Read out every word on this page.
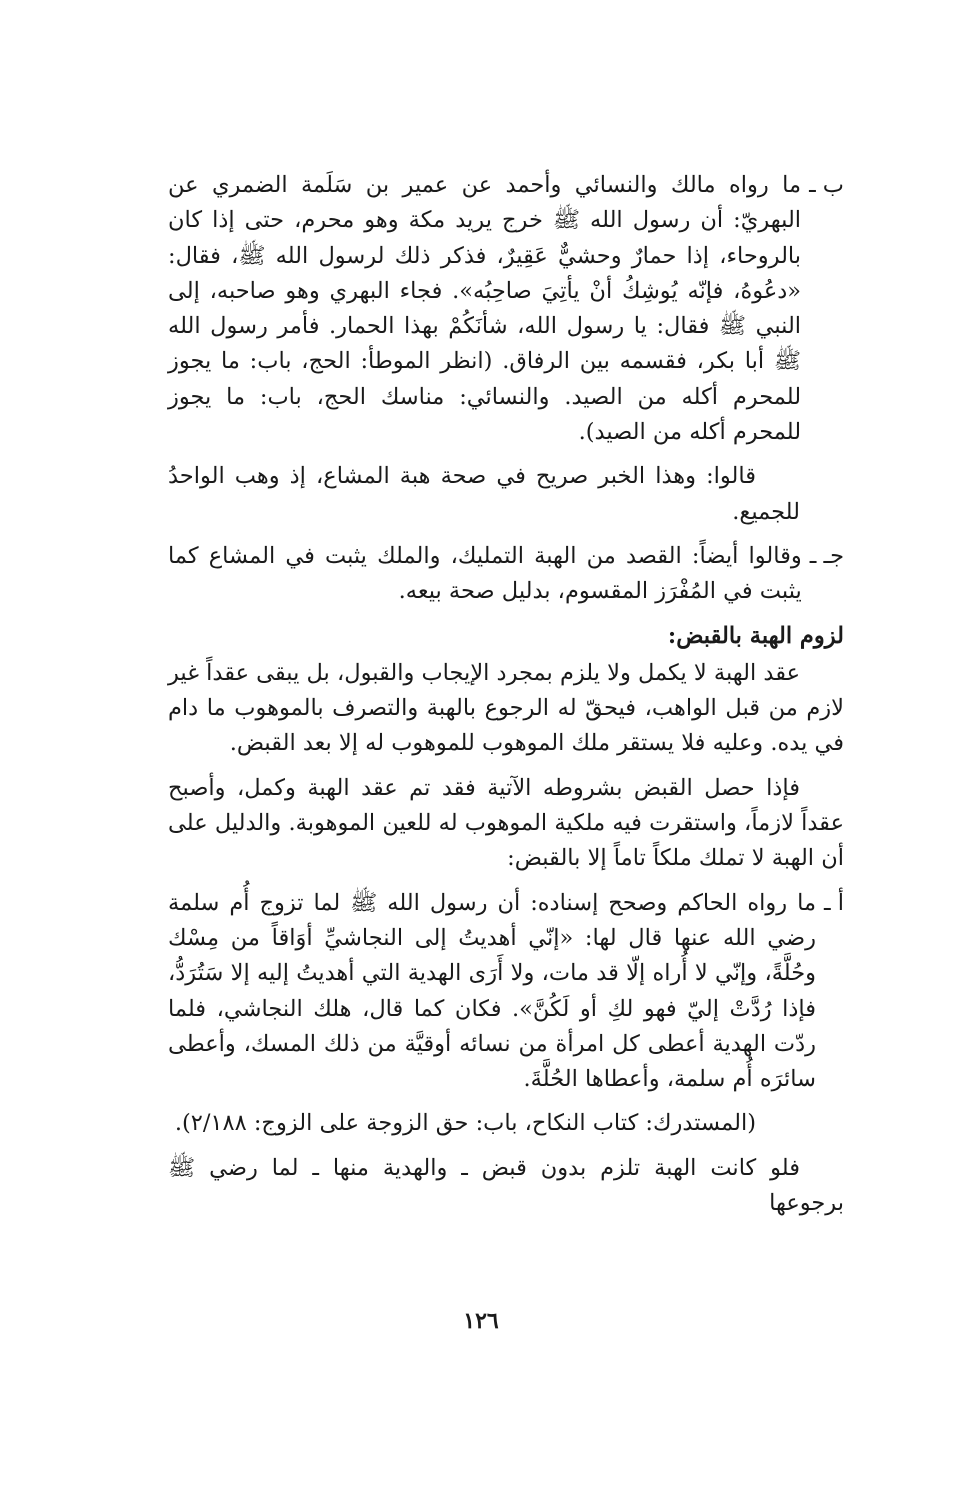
ب ـ
ما رواه مالك والنسائي وأحمد عن عمير بن سَلَمة الضمري عن البهريّ: أن رسول الله ﷺ خرج يريد مكة وهو محرم، حتى إذا كان بالروحاء، إذا حمارٌ وحشيٌّ عَقِيرٌ، فذكر ذلك لرسول الله ﷺ، فقال: «دعُوهُ، فإنّه يُوشِكُ أنْ يأتِيَ صاحِبُه». فجاء البهري وهو صاحبه، إلى النبي ﷺ فقال: يا رسول الله، شأنَكُمْ بهذا الحمار. فأمر رسول الله ﷺ أبا بكر، فقسمه بين الرفاق. (انظر الموطأ: الحج، باب: ما يجوز للمحرم أكله من الصيد. والنسائي: مناسك الحج، باب: ما يجوز للمحرم أكله من الصيد).

قالوا: وهذا الخبر صريح في صحة هبة المشاع، إذ وهب الواحدُ للجميع.

جـ ـ
وقالوا أيضاً: القصد من الهبة التمليك، والملك يثبت في المشاع كما يثبت في المُفْرَز المقسوم، بدليل صحة بيعه.

لزوم الهبة بالقبض:

عقد الهبة لا يكمل ولا يلزم بمجرد الإيجاب والقبول، بل يبقى عقداً غير لازم من قبل الواهب، فيحقّ له الرجوع بالهبة والتصرف بالموهوب ما دام في يده. وعليه فلا يستقر ملك الموهوب للموهوب له إلا بعد القبض.

فإذا حصل القبض بشروطه الآتية فقد تم عقد الهبة وكمل، وأصبح عقداً لازماً، واستقرت فيه ملكية الموهوب له للعين الموهوبة. والدليل على أن الهبة لا تملك ملكاً تاماً إلا بالقبض:

أ ـ
ما رواه الحاكم وصحح إسناده: أن رسول الله ﷺ لما تزوج أُم سلمة رضي الله عنها قال لها: «إنّي أهديتُ إلى النجاشيِّ أوَاقاً من مِسْك وحُلَّةً، وإنّي لا أُراه إلّا قد مات، ولا أَرَى الهدية التي أهديتُ إليه إلا سَتُرَدُّ، فإذا رُدَّتْ إليّ فهو لكِ أو لَكُنَّ». فكان كما قال، هلك النجاشي، فلما ردّت الهدية أعطى كل امرأة من نسائه أوقيَّة من ذلك المسك، وأعطى سائرَه أُم سلمة، وأعطاها الحُلَّةَ.

(المستدرك: كتاب النكاح، باب: حق الزوجة على الزوج: ٢/١٨٨).

فلو كانت الهبة تلزم بدون قبض ـ والهدية منها ـ لما رضي ﷺ برجوعها

١٢٦
